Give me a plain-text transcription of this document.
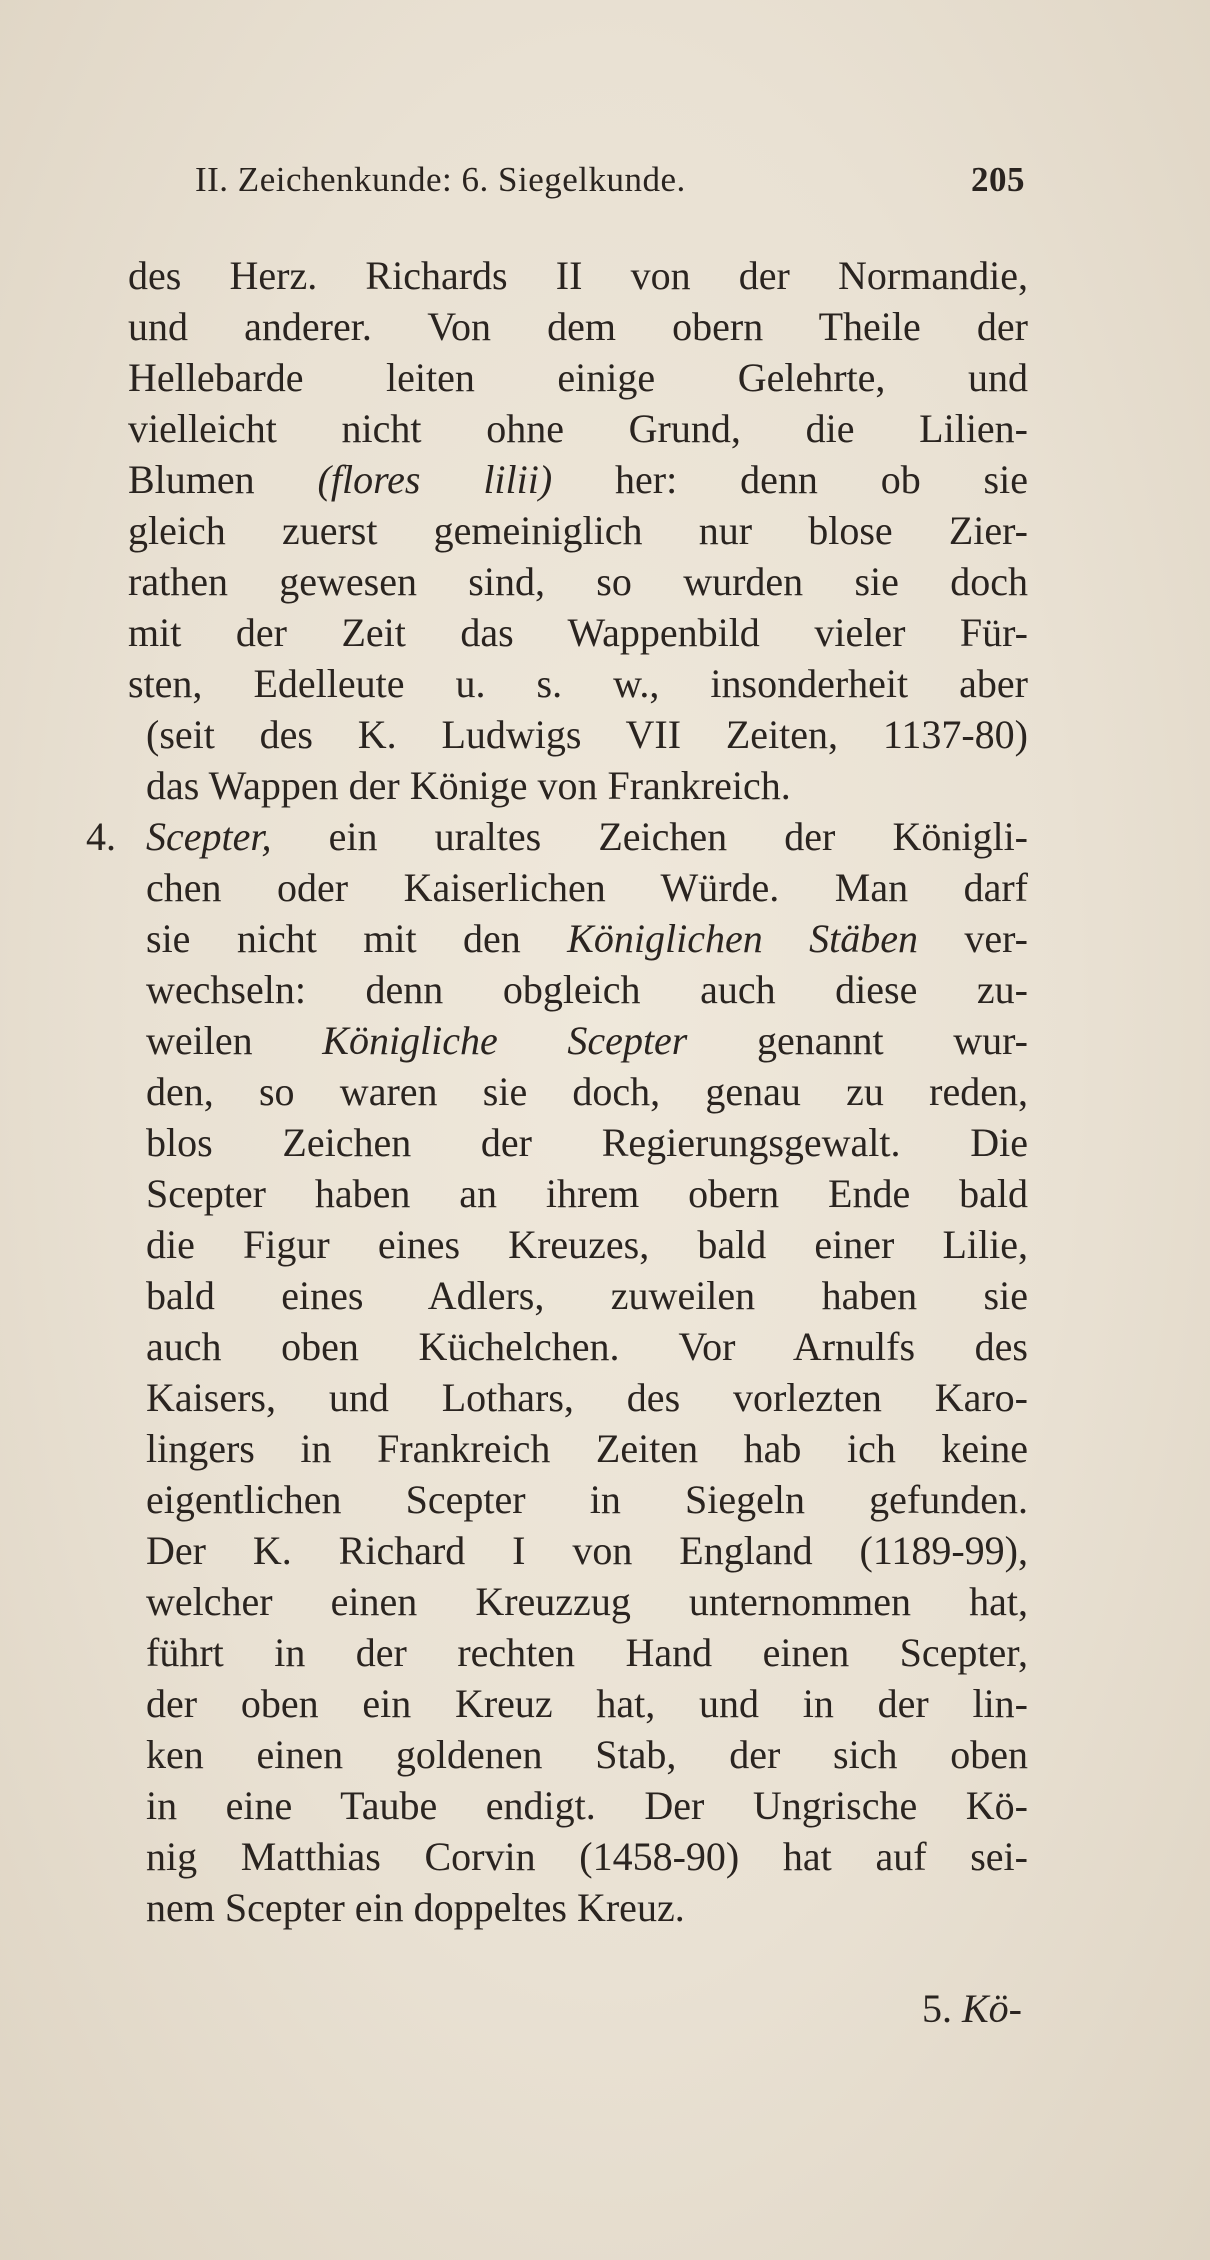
II. Zeichenkunde: 6. Siegelkunde.	205
des Herz. Richards II von der Normandie,
und anderer. Von dem obern Theile der
Hellebarde leiten einige Gelehrte, und
vielleicht nicht ohne Grund, die Lilien-
Blumen (flores lilii) her: denn ob sie
gleich zuerst gemeiniglich nur blose Zier-
rathen gewesen sind, so wurden sie doch
mit der Zeit das Wappenbild vieler Für-
sten, Edelleute u. s. w., insonderheit aber
(seit des K. Ludwigs VII Zeiten, 1137-80)
das Wappen der Könige von Frankreich.
4. Scepter, ein uraltes Zeichen der Königli-
chen oder Kaiserlichen Würde. Man darf
sie nicht mit den Königlichen Stäben ver-
wechseln: denn obgleich auch diese zu-
weilen Königliche Scepter genannt wur-
den, so waren sie doch, genau zu reden,
blos Zeichen der Regierungsgewalt. Die
Scepter haben an ihrem obern Ende bald
die Figur eines Kreuzes, bald einer Lilie,
bald eines Adlers, zuweilen haben sie
auch oben Küchelchen. Vor Arnulfs des
Kaisers, und Lothars, des vorlezten Karo-
lingers in Frankreich Zeiten hab ich keine
eigentlichen Scepter in Siegeln gefunden.
Der K. Richard I von England (1189-99),
welcher einen Kreuzzug unternommen hat,
führt in der rechten Hand einen Scepter,
der oben ein Kreuz hat, und in der lin-
ken einen goldenen Stab, der sich oben
in eine Taube endigt. Der Ungrische Kö-
nig Matthias Corvin (1458-90) hat auf sei-
nem Scepter ein doppeltes Kreuz.
5. Kö-
